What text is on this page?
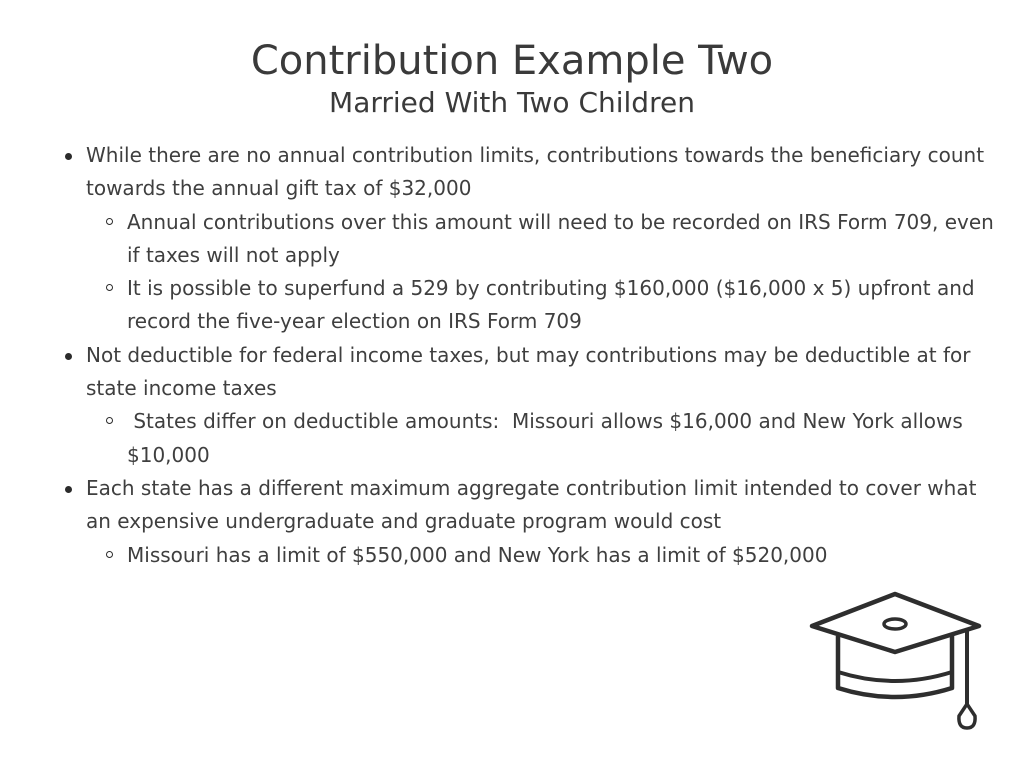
Contribution Example Two
Married With Two Children
While there are no annual contribution limits, contributions towards the beneficiary count towards the annual gift tax of $32,000
Annual contributions over this amount will need to be recorded on IRS Form 709, even if taxes will not apply
It is possible to superfund a 529 by contributing $160,000 ($16,000 x 5) upfront and record the five-year election on IRS Form 709
Not deductible for federal income taxes, but may contributions may be deductible at for state income taxes
States differ on deductible amounts:  Missouri allows $16,000 and New York allows $10,000
Each state has a different maximum aggregate contribution limit intended to cover what an expensive undergraduate and graduate program would cost
Missouri has a limit of $550,000 and New York has a limit of $520,000
